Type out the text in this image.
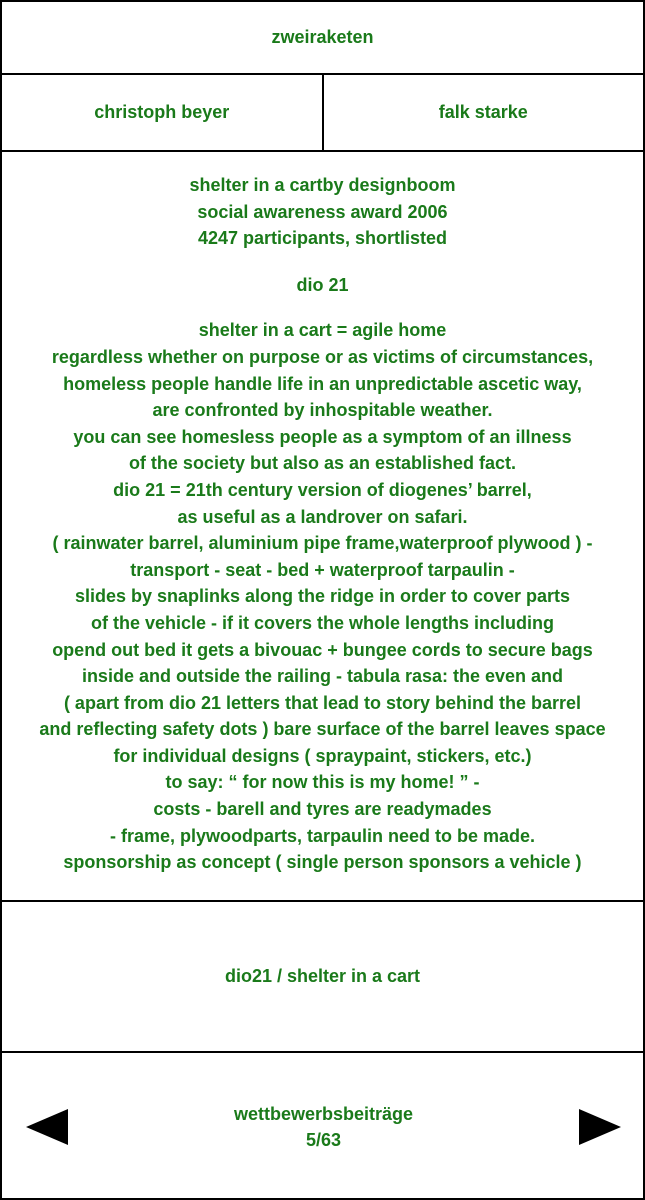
zweiraketen
christoph beyer	falk starke
shelter in a cartby designboom
social awareness award 2006
4247 participants, shortlisted
dio 21
shelter in a cart = agile home
regardless whether on purpose or as victims of circumstances,
homeless people handle life in an unpredictable ascetic way,
are confronted by inhospitable weather.
you can see homesless people as a symptom of an illness
of the society but also as an established fact.
dio 21 = 21th century version of diogenes’ barrel,
as useful as a landrover on safari.
( rainwater barrel, aluminium pipe frame,waterproof plywood ) -
transport - seat - bed + waterproof tarpaulin -
slides by snaplinks along the ridge in order to cover parts
of the vehicle - if it covers the whole lengths including
opend out bed it gets a bivouac + bungee cords to secure bags
inside and outside the railing - tabula rasa: the even and
( apart from dio 21 letters that lead to story behind the barrel
and reflecting safety dots ) bare surface of the barrel leaves space
for individual designs ( spraypaint, stickers, etc.)
to say: “ for now this is my home! ” -
costs - barell and tyres are readymades
- frame, plywoodparts, tarpaulin need to be made.
sponsorship as concept ( single person sponsors a vehicle )
dio21 / shelter in a cart
wettbewerbsbeiträge
5/63
